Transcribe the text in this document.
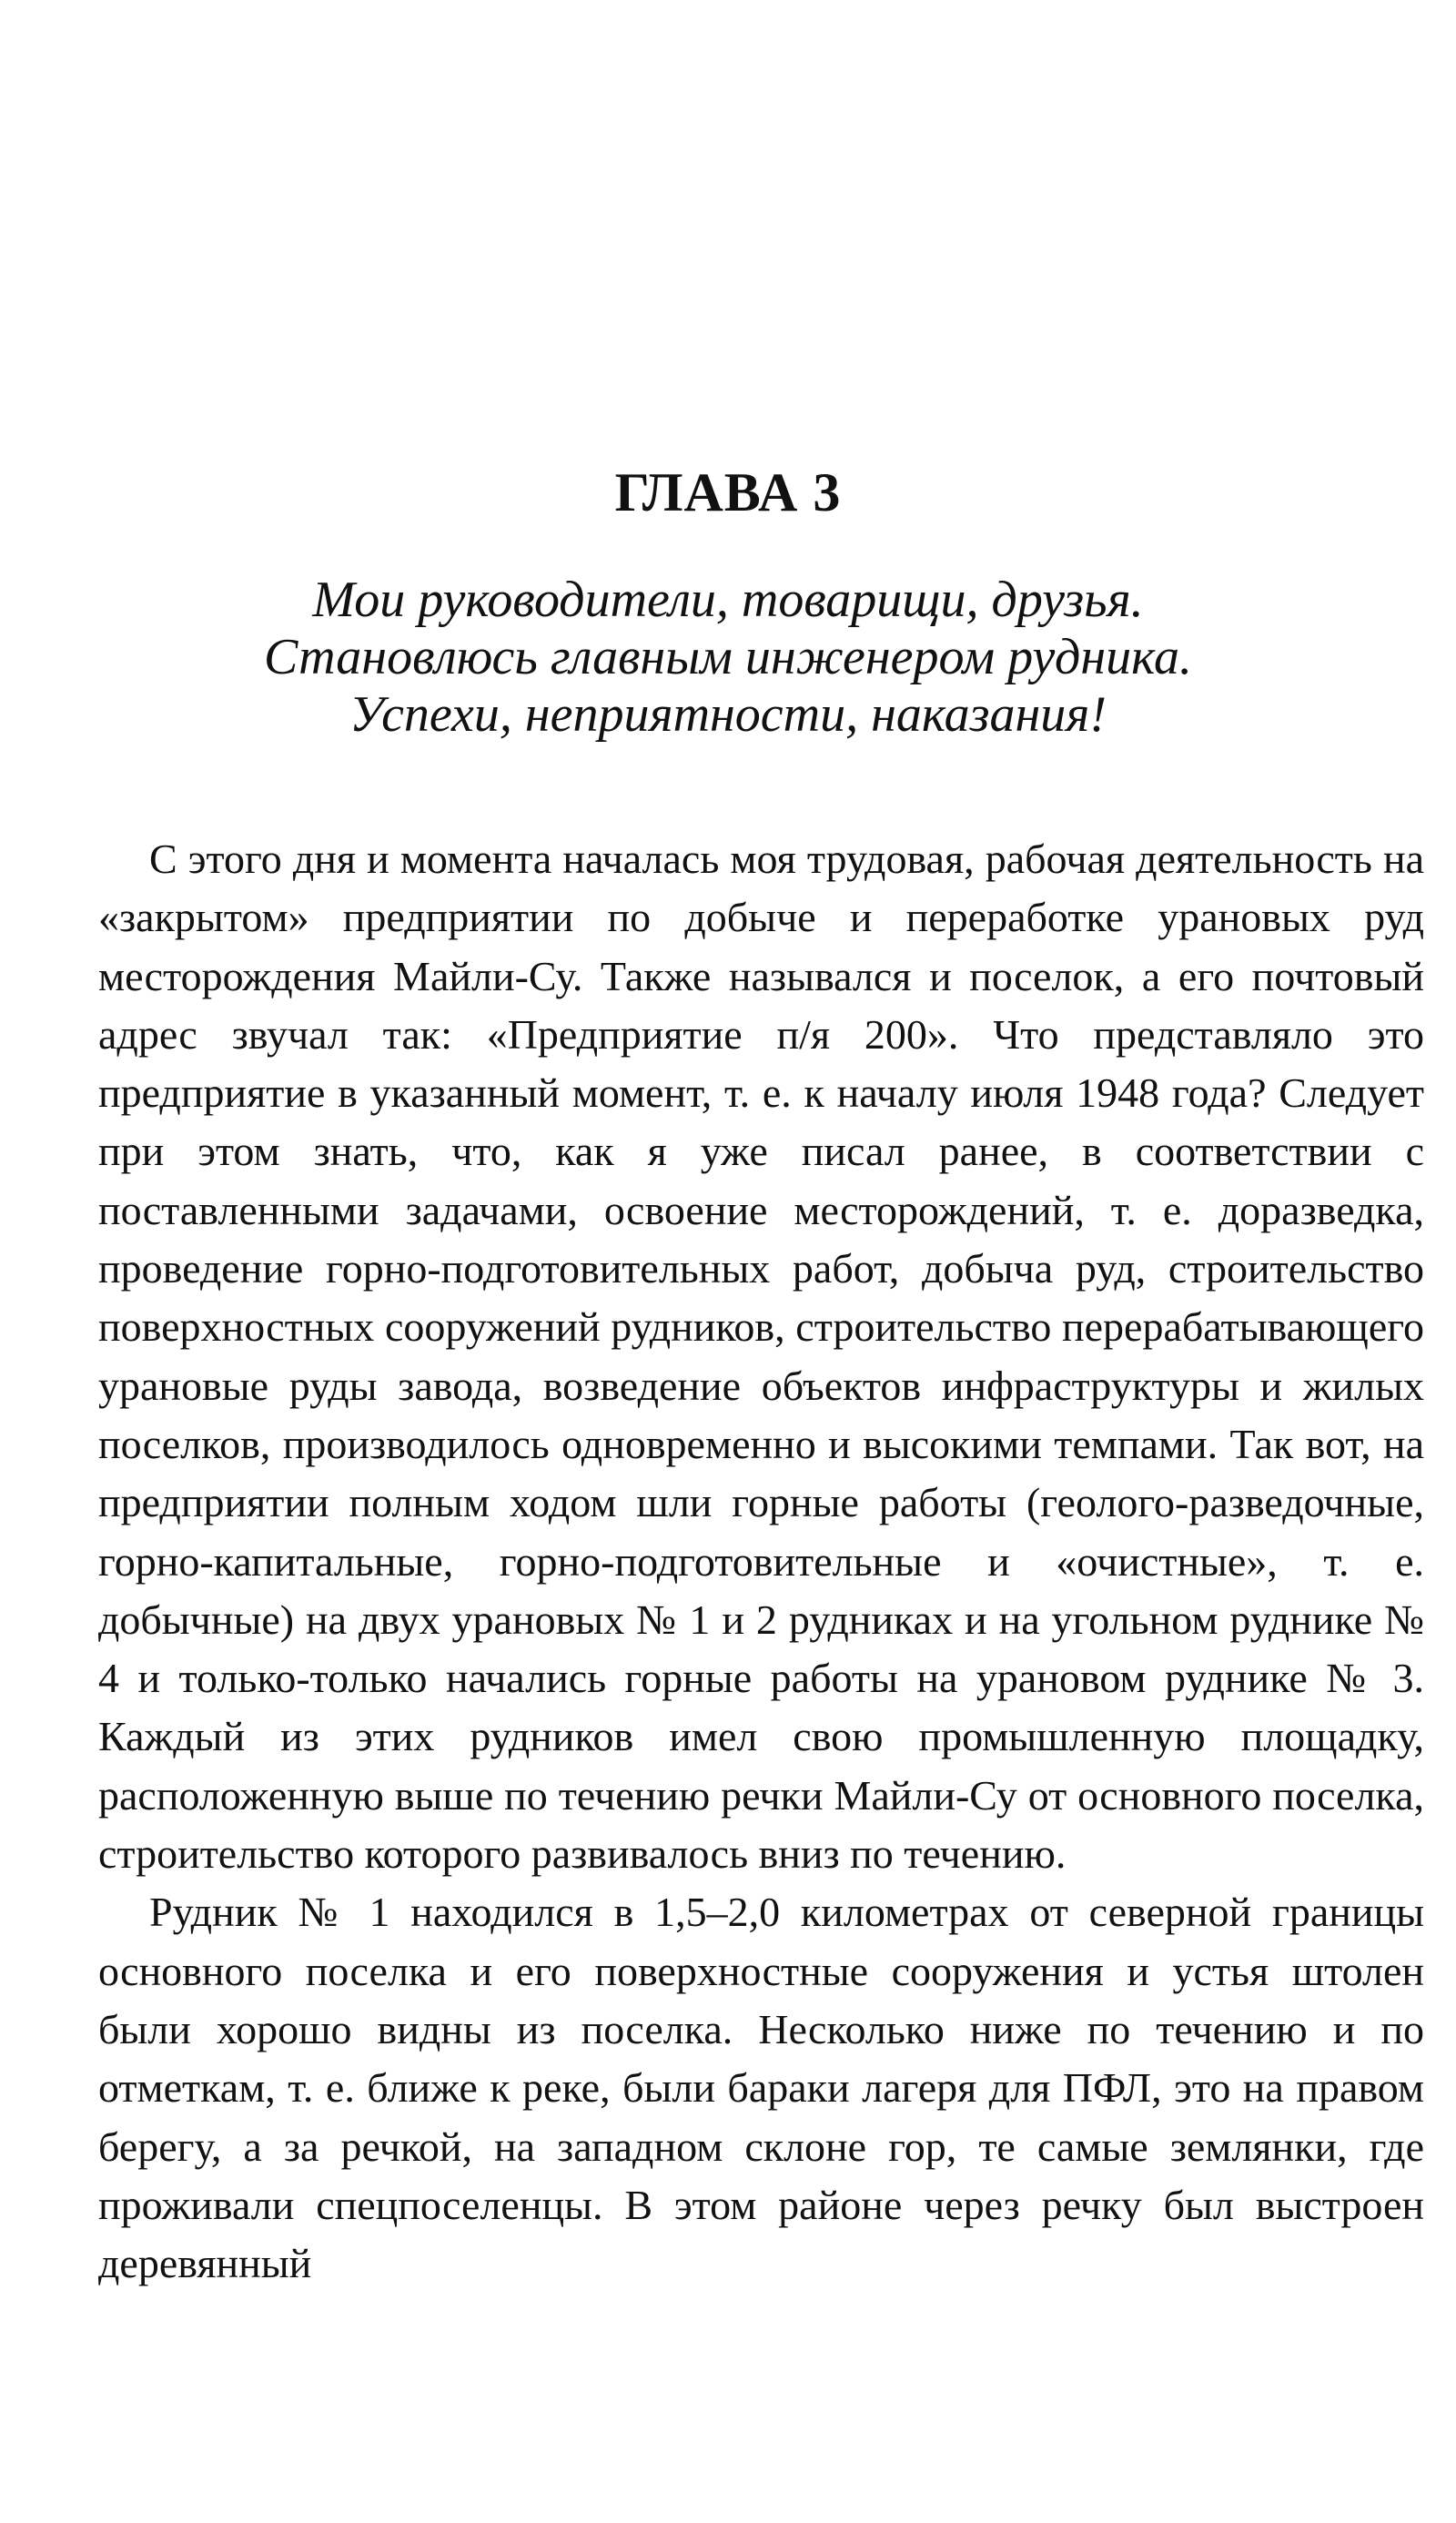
ГЛАВА 3
Мои руководители, товарищи, друзья.
Становлюсь главным инженером рудника.
Успехи, неприятности, наказания!

С этого дня и момента началась моя трудовая, рабочая деятельность на «закрытом» предприятии по добыче и переработке урановых руд месторождения Майли-Су. Также назывался и поселок, а его почтовый адрес звучал так: «Предприятие п/я 200». Что представляло это предприятие в указанный момент, т. е. к началу июля 1948 года? Следует при этом знать, что, как я уже писал ранее, в соответствии с поставленными задачами, освоение месторождений, т. е. доразведка, проведение горно-подготовительных работ, добыча руд, строительство поверхностных сооружений рудников, строительство перерабатывающего урановые руды завода, возведение объектов инфраструктуры и жилых поселков, производилось одновременно и высокими темпами. Так вот, на предприятии полным ходом шли горные работы (геолого-разведочные, горно-капитальные, горно-подготовительные и «очистные», т. е. добычные) на двух урановых № 1 и 2 рудниках и на угольном руднике № 4 и только-только начались горные работы на урановом руднике № 3. Каждый из этих рудников имел свою промышленную площадку, расположенную выше по течению речки Майли-Су от основного поселка, строительство которого развивалось вниз по течению.

Рудник № 1 находился в 1,5–2,0 километрах от северной границы основного поселка и его поверхностные сооружения и устья штолен были хорошо видны из поселка. Несколько ниже по течению и по отметкам, т. е. ближе к реке, были бараки лагеря для ПФЛ, это на правом берегу, а за речкой, на западном склоне гор, те самые землянки, где проживали спецпоселенцы. В этом районе через речку был выстроен деревянный
